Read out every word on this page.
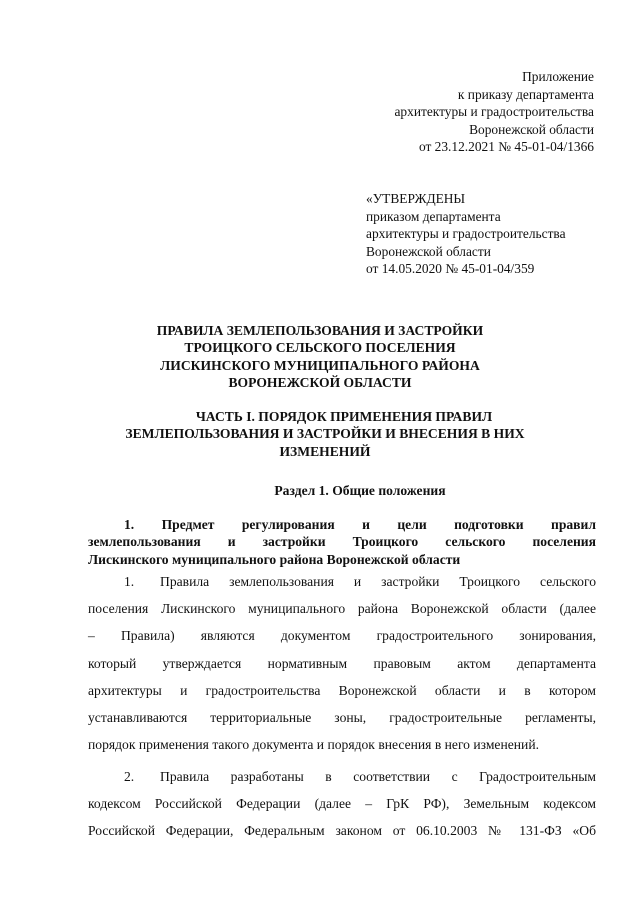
Приложение
к приказу департамента
архитектуры и градостроительства
Воронежской области
от 23.12.2021 № 45-01-04/1366
«УТВЕРЖДЕНЫ
приказом департамента
архитектуры и градостроительства
Воронежской области
от 14.05.2020 № 45-01-04/359
ПРАВИЛА ЗЕМЛЕПОЛЬЗОВАНИЯ И ЗАСТРОЙКИ
ТРОИЦКОГО СЕЛЬСКОГО ПОСЕЛЕНИЯ
ЛИСКИНСКОГО МУНИЦИПАЛЬНОГО РАЙОНА
ВОРОНЕЖСКОЙ ОБЛАСТИ
ЧАСТЬ I. ПОРЯДОК ПРИМЕНЕНИЯ ПРАВИЛ
ЗЕМЛЕПОЛЬЗОВАНИЯ И ЗАСТРОЙКИ И ВНЕСЕНИЯ В НИХ
ИЗМЕНЕНИЙ
Раздел 1. Общие положения
1. Предмет регулирования и цели подготовки правил
землепользования и застройки Троицкого сельского поселения
Лискинского муниципального района Воронежской области
1. Правила землепользования и застройки Троицкого сельского
поселения Лискинского муниципального района Воронежской области (далее
– Правила) являются документом градостроительного зонирования,
который утверждается нормативным правовым актом департамента
архитектуры и градостроительства Воронежской области и в котором
устанавливаются территориальные зоны, градостроительные регламенты,
порядок применения такого документа и порядок внесения в него изменений.
2. Правила разработаны в соответствии с Градостроительным
кодексом Российской Федерации (далее – ГрК РФ), Земельным кодексом
Российской Федерации, Федеральным законом от 06.10.2003 № 131-ФЗ «Об
